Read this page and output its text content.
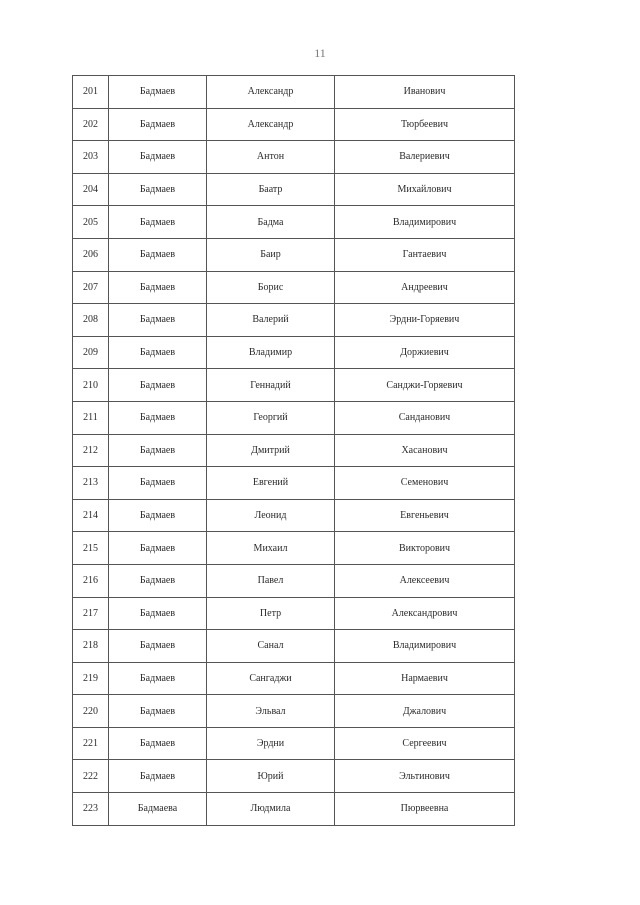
11
201	Бадмаев	Александр	Иванович
202	Бадмаев	Александр	Тюрбеевич
203	Бадмаев	Антон	Валериевич
204	Бадмаев	Баатр	Михайлович
205	Бадмаев	Бадма	Владимирович
206	Бадмаев	Баир	Гантаевич
207	Бадмаев	Борис	Андреевич
208	Бадмаев	Валерий	Эрдни-Горяевич
209	Бадмаев	Владимир	Доржиевич
210	Бадмаев	Геннадий	Санджи-Горяевич
211	Бадмаев	Георгий	Санданович
212	Бадмаев	Дмитрий	Хасанович
213	Бадмаев	Евгений	Семенович
214	Бадмаев	Леонид	Евгеньевич
215	Бадмаев	Михаил	Викторович
216	Бадмаев	Павел	Алексеевич
217	Бадмаев	Петр	Александрович
218	Бадмаев	Санал	Владимирович
219	Бадмаев	Сангаджи	Нармаевич
220	Бадмаев	Эльвал	Джалович
221	Бадмаев	Эрдни	Сергеевич
222	Бадмаев	Юрий	Эльтинович
223	Бадмаева	Людмила	Пюрвеевна
